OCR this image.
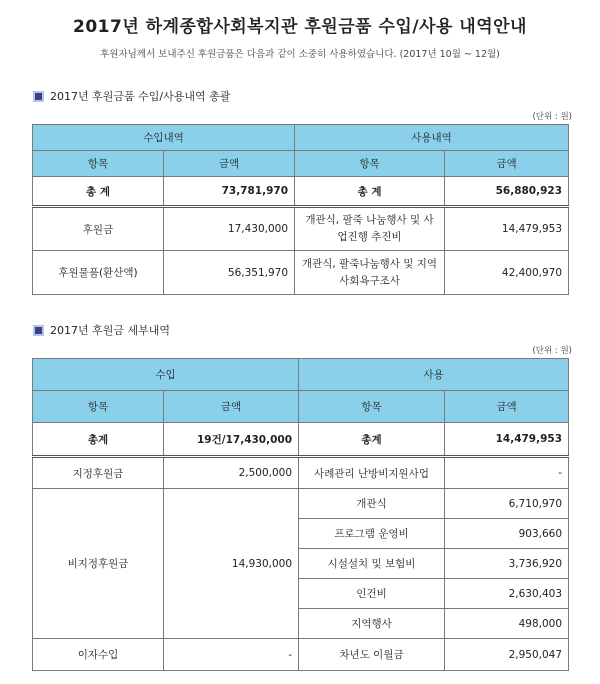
2017년 하계종합사회복지관 후원금품 수입/사용 내역안내
후원자님께서 보내주신 후원금품은 다음과 같이 소중히 사용하였습니다. (2017년 10월 ~ 12월)
2017년 후원금품 수입/사용내역 총괄
(단위 : 원)
수입내역		사용내역	
항목	금액	항목	금액
총 계	73,781,970	총 계	56,880,923
후원금	17,430,000	개관식, 팔죽 나눔행사 및 사업진행 추진비	14,479,953
후원물품(환산액)	56,351,970	개관식, 팔죽나눔행사 및 지역사회욕구조사	42,400,970
2017년 후원금 세부내역
(단위 : 원)
수입		사용	
항목	금액	항목	금액
총계	19건/17,430,000	총계	14,479,953
지정후원금	2,500,000	사례관리 난방비지원사업	-
비지정후원금	14,930,000	개관식	6,710,970
		프로그램 운영비	903,660
		시설설치 및 보험비	3,736,920
		인건비	2,630,403
		지역행사	498,000
이자수입	-	차년도 이월금	2,950,047
